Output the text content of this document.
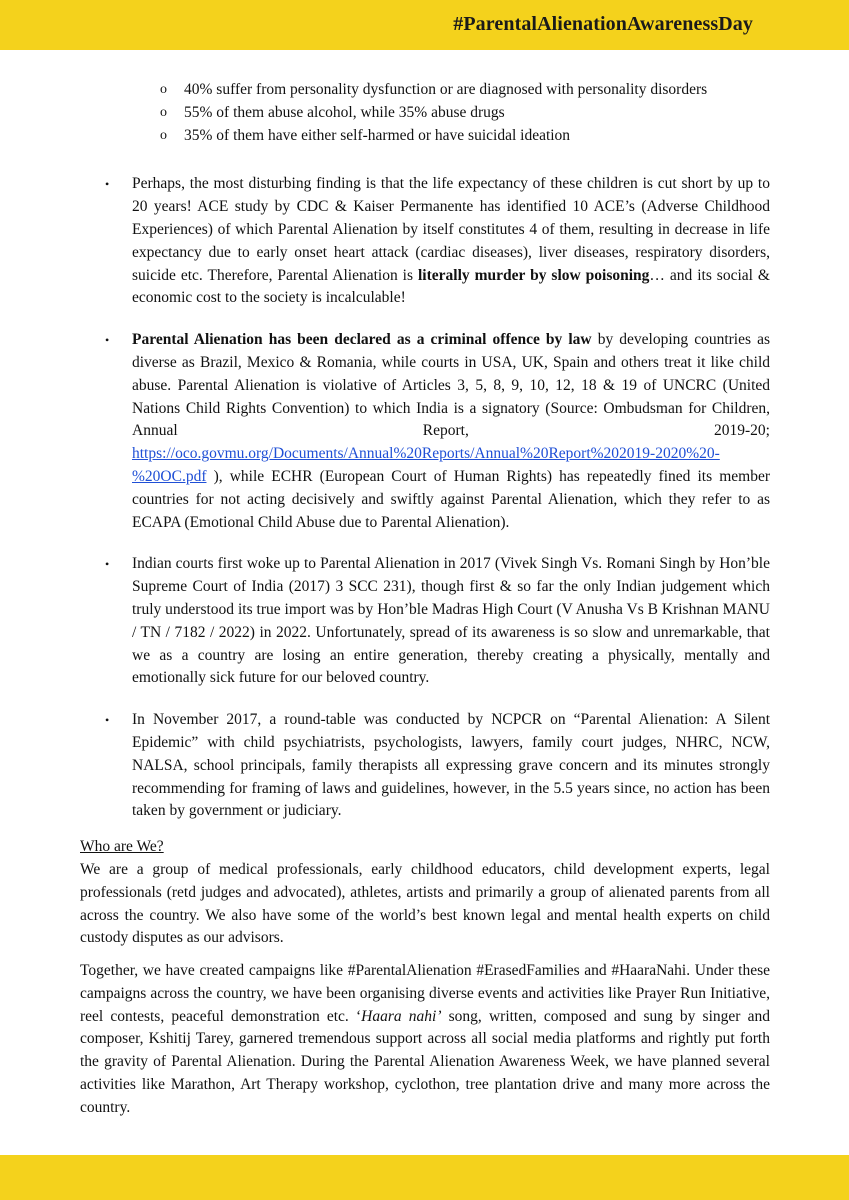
#ParentalAlienationAwarenessDay
o 40% suffer from personality dysfunction or are diagnosed with personality disorders
o 55% of them abuse alcohol, while 35% abuse drugs
o 35% of them have either self-harmed or have suicidal ideation
• Perhaps, the most disturbing finding is that the life expectancy of these children is cut short by up to 20 years! ACE study by CDC & Kaiser Permanente has identified 10 ACE’s (Adverse Childhood Experiences) of which Parental Alienation by itself constitutes 4 of them, resulting in decrease in life expectancy due to early onset heart attack (cardiac diseases), liver diseases, respiratory disorders, suicide etc. Therefore, Parental Alienation is literally murder by slow poisoning… and its social & economic cost to the society is incalculable!
• Parental Alienation has been declared as a criminal offence by law by developing countries as diverse as Brazil, Mexico & Romania, while courts in USA, UK, Spain and others treat it like child abuse. Parental Alienation is violative of Articles 3, 5, 8, 9, 10, 12, 18 & 19 of UNCRC (United Nations Child Rights Convention) to which India is a signatory (Source: Ombudsman for Children, Annual Report, 2019-20; https://oco.govmu.org/Documents/Annual%20Reports/Annual%20Report%202019-2020%20-%20OC.pdf ), while ECHR (European Court of Human Rights) has repeatedly fined its member countries for not acting decisively and swiftly against Parental Alienation, which they refer to as ECAPA (Emotional Child Abuse due to Parental Alienation).
• Indian courts first woke up to Parental Alienation in 2017 (Vivek Singh Vs. Romani Singh by Hon’ble Supreme Court of India (2017) 3 SCC 231), though first & so far the only Indian judgement which truly understood its true import was by Hon’ble Madras High Court (V Anusha Vs B Krishnan MANU / TN / 7182 / 2022) in 2022. Unfortunately, spread of its awareness is so slow and unremarkable, that we as a country are losing an entire generation, thereby creating a physically, mentally and emotionally sick future for our beloved country.
• In November 2017, a round-table was conducted by NCPCR on “Parental Alienation: A Silent Epidemic” with child psychiatrists, psychologists, lawyers, family court judges, NHRC, NCW, NALSA, school principals, family therapists all expressing grave concern and its minutes strongly recommending for framing of laws and guidelines, however, in the 5.5 years since, no action has been taken by government or judiciary.
Who are We?

We are a group of medical professionals, early childhood educators, child development experts, legal professionals (retd judges and advocated), athletes, artists and primarily a group of alienated parents from all across the country. We also have some of the world’s best known legal and mental health experts on child custody disputes as our advisors.

Together, we have created campaigns like #ParentalAlienation #ErasedFamilies and #HaaraNahi. Under these campaigns across the country, we have been organising diverse events and activities like Prayer Run Initiative, reel contests, peaceful demonstration etc. ‘Haara nahi’ song, written, composed and sung by singer and composer, Kshitij Tarey, garnered tremendous support across all social media platforms and rightly put forth the gravity of Parental Alienation. During the Parental Alienation Awareness Week, we have planned several activities like Marathon, Art Therapy workshop, cyclothon, tree plantation drive and many more across the country.
